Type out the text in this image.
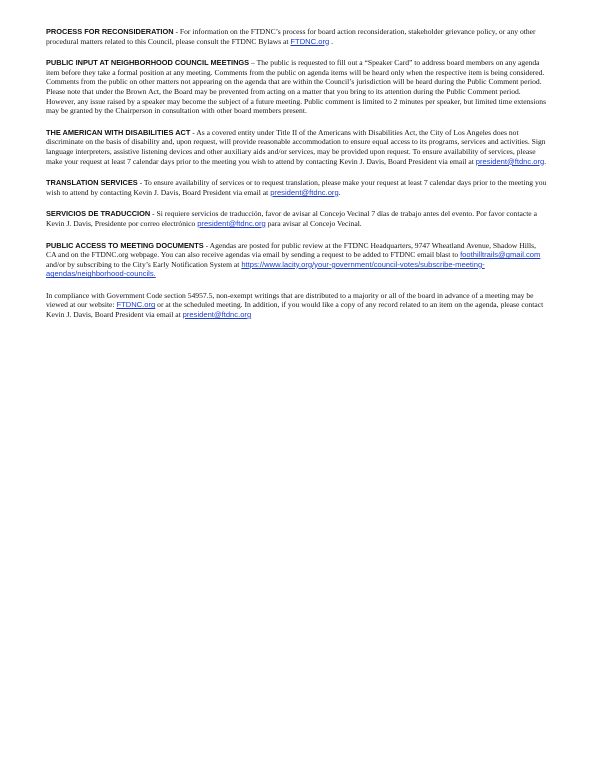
PROCESS FOR RECONSIDERATION - For information on the FTDNC’s process for board action reconsideration, stakeholder grievance policy, or any other procedural matters related to this Council, please consult the FTDNC Bylaws at FTDNC.org .

PUBLIC INPUT AT NEIGHBORHOOD COUNCIL MEETINGS – The public is requested to fill out a “Speaker Card” to address board members on any agenda item before they take a formal position at any meeting. Comments from the public on agenda items will be heard only when the respective item is being considered. Comments from the public on other matters not appearing on the agenda that are within the Council’s jurisdiction will be heard during the Public Comment period. Please note that under the Brown Act, the Board may be prevented from acting on a matter that you bring to its attention during the Public Comment period. However, any issue raised by a speaker may become the subject of a future meeting. Public comment is limited to 2 minutes per speaker, but limited time extensions may be granted by the Chairperson in consultation with other board members present.

THE AMERICAN WITH DISABILITIES ACT - As a covered entity under Title II of the Americans with Disabilities Act, the City of Los Angeles does not discriminate on the basis of disability and, upon request, will provide reasonable accommodation to ensure equal access to its programs, services and activities. Sign language interpreters, assistive listening devices and other auxiliary aids and/or services, may be provided upon request. To ensure availability of services, please make your request at least 7 calendar days prior to the meeting you wish to attend by contacting Kevin J. Davis, Board President via email at president@ftdnc.org.

TRANSLATION SERVICES - To ensure availability of services or to request translation, please make your request at least 7 calendar days prior to the meeting you wish to attend by contacting Kevin J. Davis, Board President via email at president@ftdnc.org.

SERVICIOS DE TRADUCCION - Si requiere servicios de traducción, favor de avisar al Concejo Vecinal 7 días de trabajo antes del evento. Por favor contacte a Kevin J. Davis, Presidente por correo electrónico president@ftdnc.org para avisar al Concejo Vecinal.

PUBLIC ACCESS TO MEETING DOCUMENTS - Agendas are posted for public review at the FTDNC Headquarters, 9747 Wheatland Avenue, Shadow Hills, CA and on the FTDNC.org webpage. You can also receive agendas via email by sending a request to be added to FTDNC email blast to foothilltrails@gmail.com and/or by subscribing to the City’s Early Notification System at https://www.lacity.org/your-government/council-votes/subscribe-meeting-agendas/neighborhood-councils.

In compliance with Government Code section 54957.5, non-exempt writings that are distributed to a majority or all of the board in advance of a meeting may be viewed at our website: FTDNC.org or at the scheduled meeting. In addition, if you would like a copy of any record related to an item on the agenda, please contact Kevin J. Davis, Board President via email at president@ftdnc.org
